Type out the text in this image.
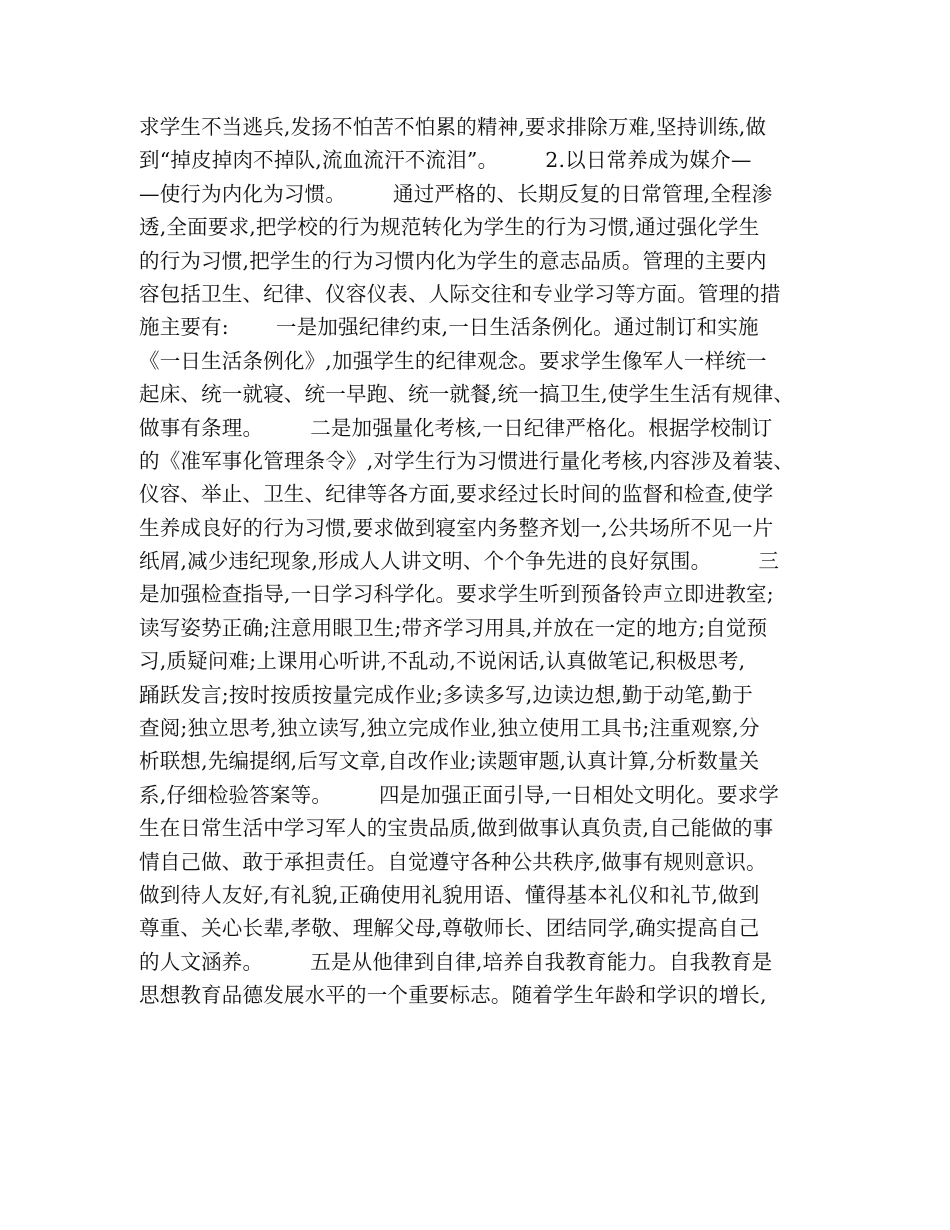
求学生不当逃兵,发扬不怕苦不怕累的精神,要求排除万难,坚持训练,做
到“掉皮掉肉不掉队,流血流汗不流泪”。       2.以日常养成为媒介—
—使行为内化为习惯。       通过严格的、长期反复的日常管理,全程渗
透,全面要求,把学校的行为规范转化为学生的行为习惯,通过强化学生
的行为习惯,把学生的行为习惯内化为学生的意志品质。管理的主要内
容包括卫生、纪律、仪容仪表、人际交往和专业学习等方面。管理的措
施主要有:       一是加强纪律约束,一日生活条例化。通过制订和实施
《一日生活条例化》,加强学生的纪律观念。要求学生像军人一样统一
起床、统一就寝、统一早跑、统一就餐,统一搞卫生,使学生生活有规律、
做事有条理。       二是加强量化考核,一日纪律严格化。根据学校制订
的《准军事化管理条令》,对学生行为习惯进行量化考核,内容涉及着装、
仪容、举止、卫生、纪律等各方面,要求经过长时间的监督和检查,使学
生养成良好的行为习惯,要求做到寝室内务整齐划一,公共场所不见一片
纸屑,减少违纪现象,形成人人讲文明、个个争先进的良好氛围。       三
是加强检查指导,一日学习科学化。要求学生听到预备铃声立即进教室;
读写姿势正确;注意用眼卫生;带齐学习用具,并放在一定的地方;自觉预
习,质疑问难;上课用心听讲,不乱动,不说闲话,认真做笔记,积极思考,
踊跃发言;按时按质按量完成作业;多读多写,边读边想,勤于动笔,勤于
查阅;独立思考,独立读写,独立完成作业,独立使用工具书;注重观察,分
析联想,先编提纲,后写文章,自改作业;读题审题,认真计算,分析数量关
系,仔细检验答案等。       四是加强正面引导,一日相处文明化。要求学
生在日常生活中学习军人的宝贵品质,做到做事认真负责,自己能做的事
情自己做、敢于承担责任。自觉遵守各种公共秩序,做事有规则意识。
做到待人友好,有礼貌,正确使用礼貌用语、懂得基本礼仪和礼节,做到
尊重、关心长辈,孝敬、理解父母,尊敬师长、团结同学,确实提高自己
的人文涵养。       五是从他律到自律,培养自我教育能力。自我教育是
思想教育品德发展水平的一个重要标志。随着学生年龄和学识的增长,
